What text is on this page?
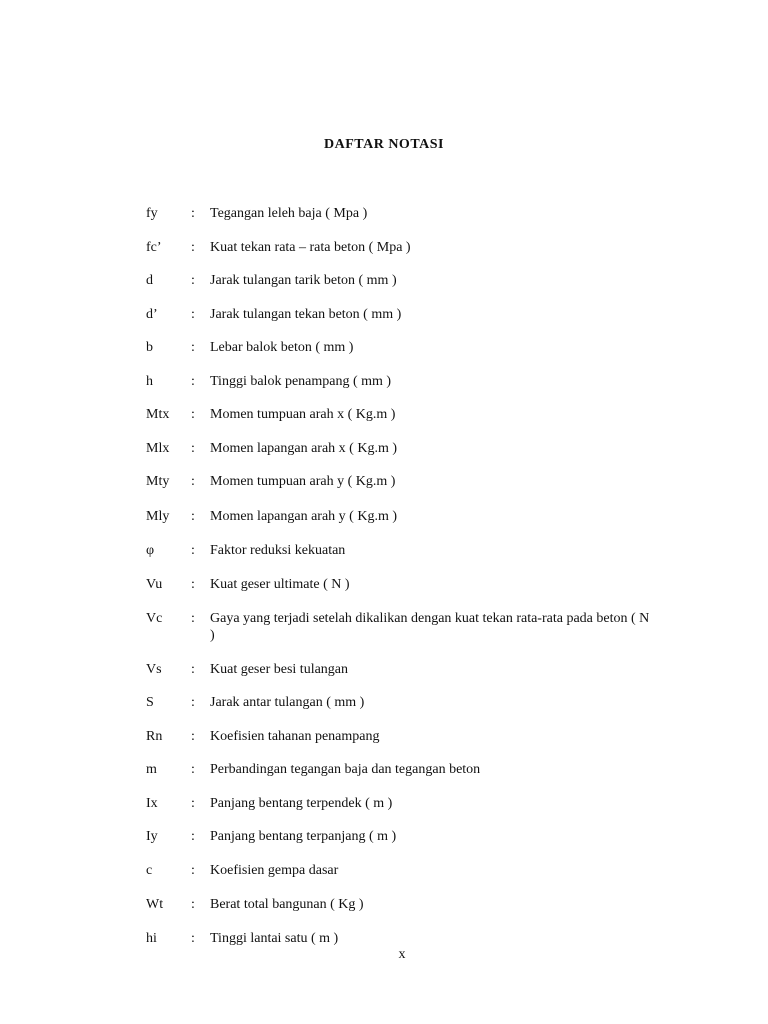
DAFTAR NOTASI
fy	:	Tegangan leleh baja ( Mpa )
fc’	:	Kuat tekan rata – rata beton ( Mpa )
d	:	Jarak tulangan tarik beton ( mm )
d’	:	Jarak tulangan tekan beton ( mm )
b	:	Lebar balok beton ( mm )
h	:	Tinggi balok penampang ( mm )
Mtx	:	Momen tumpuan arah x ( Kg.m )
Mlx	:	Momen lapangan arah x ( Kg.m )
Mty	:	Momen tumpuan arah y ( Kg.m )
Mly	:	Momen lapangan arah y ( Kg.m )
φ	:	Faktor reduksi kekuatan
Vu	:	Kuat geser ultimate ( N )
Vc	:	Gaya yang terjadi setelah dikalikan dengan kuat tekan rata-rata pada beton ( N )
Vs	:	Kuat geser besi tulangan
S	:	Jarak antar tulangan ( mm )
Rn	:	Koefisien tahanan penampang
m	:	Perbandingan tegangan baja dan tegangan beton
Ix	:	Panjang bentang terpendek ( m )
Iy	:	Panjang bentang terpanjang ( m )
c	:	Koefisien gempa dasar
Wt	:	Berat total bangunan ( Kg )
hi	:	Tinggi lantai satu ( m )
x
